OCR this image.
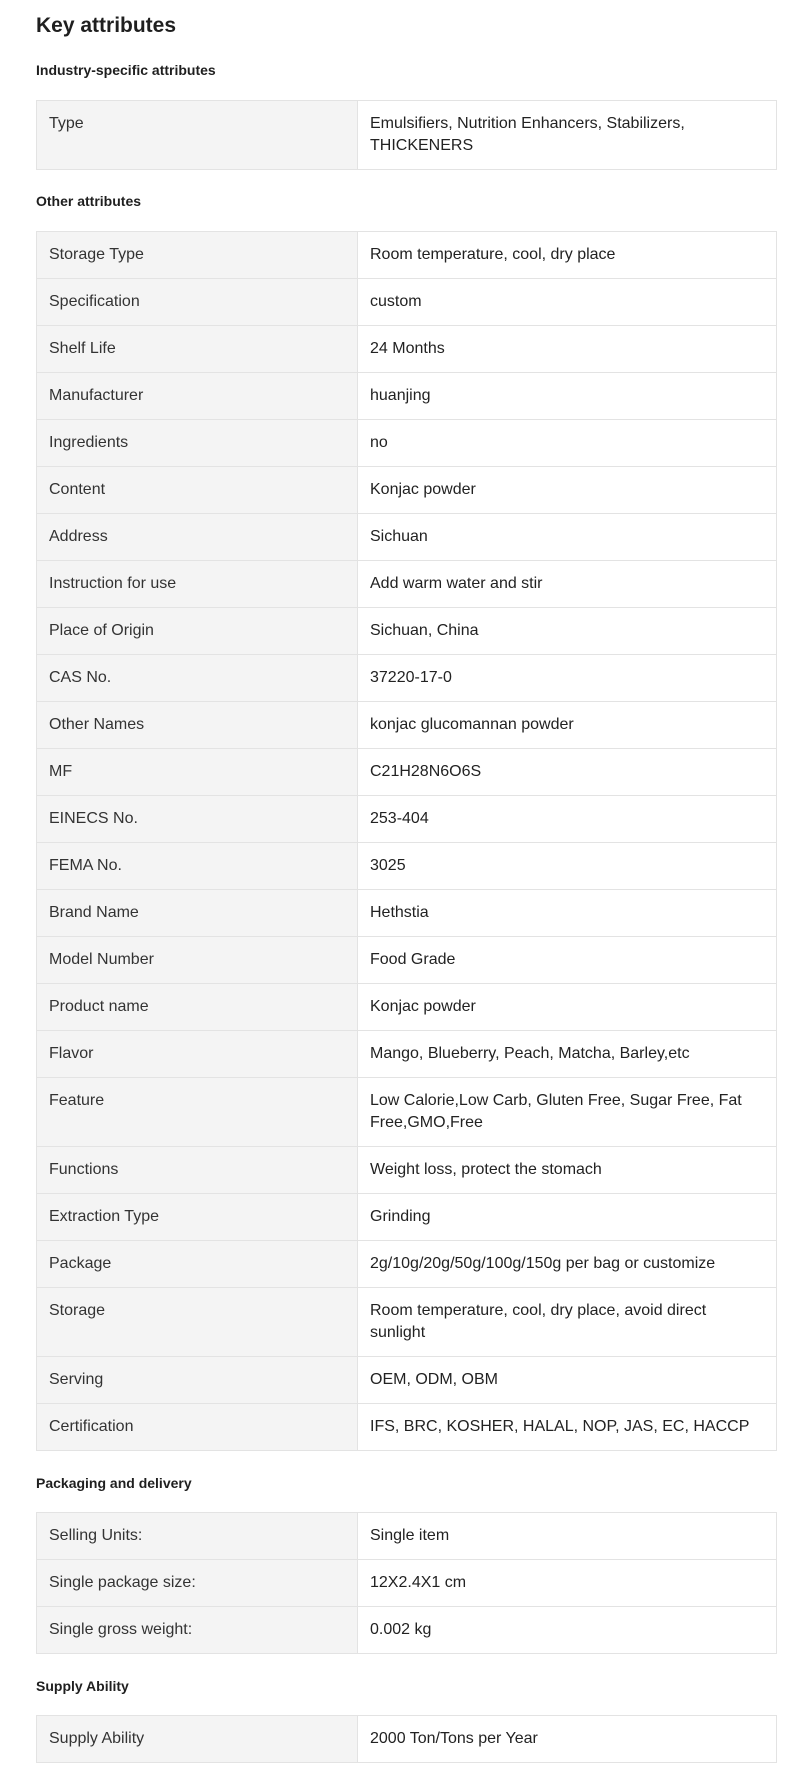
Key attributes
Industry-specific attributes
Type	Emulsifiers, Nutrition Enhancers, Stabilizers, THICKENERS
Other attributes
Storage Type	Room temperature, cool, dry place
Specification	custom
Shelf Life	24 Months
Manufacturer	huanjing
Ingredients	no
Content	Konjac powder
Address	Sichuan
Instruction for use	Add warm water and stir
Place of Origin	Sichuan, China
CAS No.	37220-17-0
Other Names	konjac glucomannan powder
MF	C21H28N6O6S
EINECS No.	253-404
FEMA No.	3025
Brand Name	Hethstia
Model Number	Food Grade
Product name	Konjac powder
Flavor	Mango, Blueberry, Peach, Matcha, Barley,etc
Feature	Low Calorie,Low Carb, Gluten Free, Sugar Free, Fat Free,GMO,Free
Functions	Weight loss, protect the stomach
Extraction Type	Grinding
Package	2g/10g/20g/50g/100g/150g per bag or customize
Storage	Room temperature, cool, dry place, avoid direct sunlight
Serving	OEM, ODM, OBM
Certification	IFS, BRC, KOSHER, HALAL, NOP, JAS, EC, HACCP
Packaging and delivery
Selling Units:	Single item
Single package size:	12X2.4X1 cm
Single gross weight:	0.002 kg
Supply Ability
Supply Ability	2000 Ton/Tons per Year
